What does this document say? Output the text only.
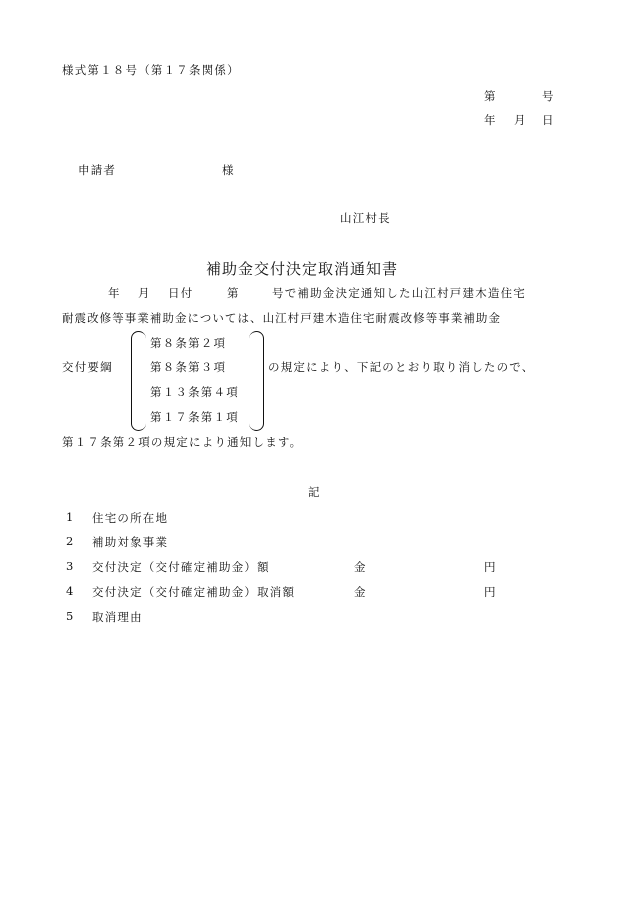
様式第１８号（第１７条関係）
第	号
年 月 日
申請者	様
山江村長
補助金交付決定取消通知書
年 月 日付	第	号で補助金決定通知した山江村戸建木造住宅
耐震改修等事業補助金については、山江村戸建木造住宅耐震改修等事業補助金
交付要綱
第８条第２項
第８条第３項
第１３条第４項
第１７条第１項
の規定により、下記のとおり取り消したので、
第１７条第２項の規定により通知します。
記
1 住宅の所在地
2 補助対象事業
3 交付決定（交付確定補助金）額	金	円
4 交付決定（交付確定補助金）取消額	金	円
5 取消理由
